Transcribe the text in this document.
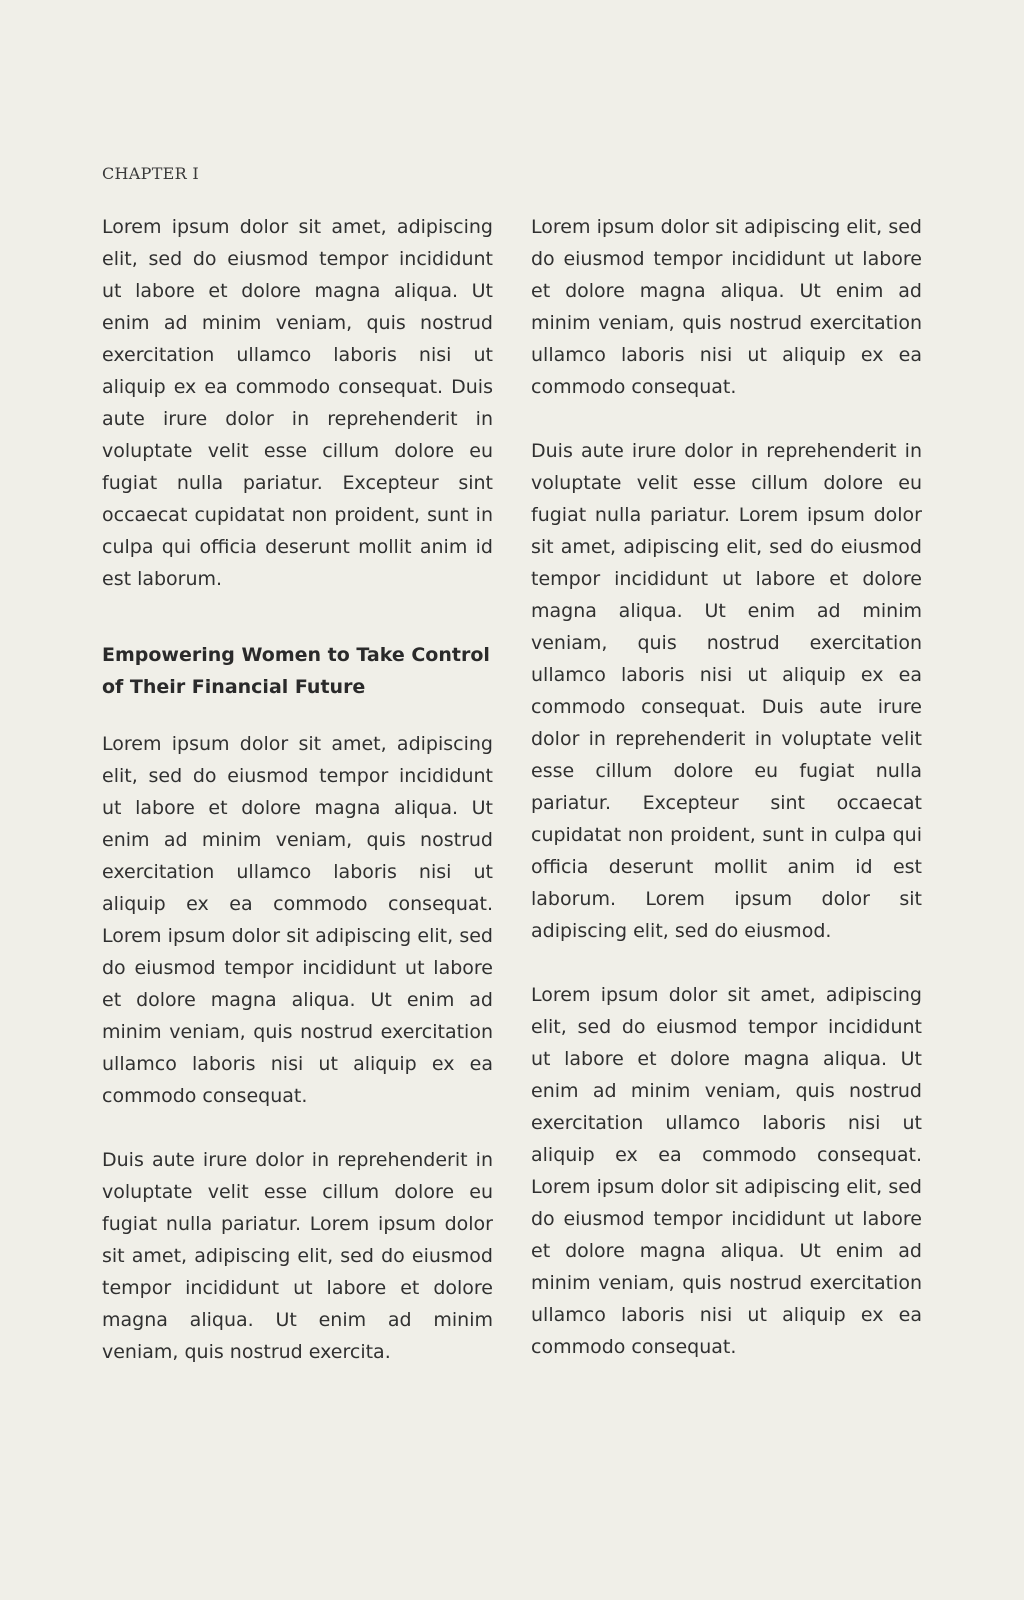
CHAPTER I

Lorem ipsum dolor sit amet, adipiscing elit, sed do eiusmod tempor incididunt ut labore et dolore magna aliqua. Ut enim ad minim veniam, quis nostrud exercitation ullamco laboris nisi ut aliquip ex ea commodo consequat. Duis aute irure dolor in reprehenderit in voluptate velit esse cillum dolore eu fugiat nulla pariatur. Excepteur sint occaecat cupidatat non proident, sunt in culpa qui officia deserunt mollit anim id est laborum.

Empowering Women to Take Control of Their Financial Future

Lorem ipsum dolor sit amet, adipiscing elit, sed do eiusmod tempor incididunt ut labore et dolore magna aliqua. Ut enim ad minim veniam, quis nostrud exercitation ullamco laboris nisi ut aliquip ex ea commodo consequat. Lorem ipsum dolor sit adipiscing elit, sed do eiusmod tempor incididunt ut labore et dolore magna aliqua. Ut enim ad minim veniam, quis nostrud exercitation ullamco laboris nisi ut aliquip ex ea commodo consequat.

Duis aute irure dolor in reprehenderit in voluptate velit esse cillum dolore eu fugiat nulla pariatur. Lorem ipsum dolor sit amet, adipiscing elit, sed do eiusmod tempor incididunt ut labore et dolore magna aliqua. Ut enim ad minim veniam, quis nostrud exercita.

Lorem ipsum dolor sit adipiscing elit, sed do eiusmod tempor incididunt ut labore et dolore magna aliqua. Ut enim ad minim veniam, quis nostrud exercitation ullamco laboris nisi ut aliquip ex ea commodo consequat.

Duis aute irure dolor in reprehenderit in voluptate velit esse cillum dolore eu fugiat nulla pariatur. Lorem ipsum dolor sit amet, adipiscing elit, sed do eiusmod tempor incididunt ut labore et dolore magna aliqua. Ut enim ad minim veniam, quis nostrud exercitation ullamco laboris nisi ut aliquip ex ea commodo consequat. Duis aute irure dolor in reprehenderit in voluptate velit esse cillum dolore eu fugiat nulla pariatur. Excepteur sint occaecat cupidatat non proident, sunt in culpa qui officia deserunt mollit anim id est laborum. Lorem ipsum dolor sit adipiscing elit, sed do eiusmod.

Lorem ipsum dolor sit amet, adipiscing elit, sed do eiusmod tempor incididunt ut labore et dolore magna aliqua. Ut enim ad minim veniam, quis nostrud exercitation ullamco laboris nisi ut aliquip ex ea commodo consequat. Lorem ipsum dolor sit adipiscing elit, sed do eiusmod tempor incididunt ut labore et dolore magna aliqua. Ut enim ad minim veniam, quis nostrud exercitation ullamco laboris nisi ut aliquip ex ea commodo consequat.
